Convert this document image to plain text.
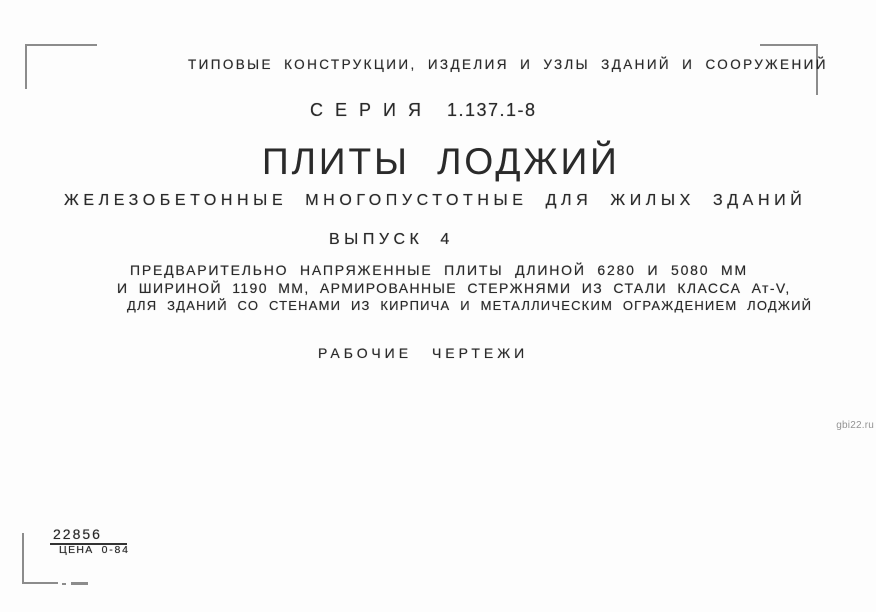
ТИПОВЫЕ КОНСТРУКЦИИ, ИЗДЕЛИЯ И УЗЛЫ ЗДАНИЙ И СООРУЖЕНИЙ
СЕРИЯ 1.137.1-8
ПЛИТЫ ЛОДЖИЙ
ЖЕЛЕЗОБЕТОННЫЕ МНОГОПУСТОТНЫЕ ДЛЯ ЖИЛЫХ ЗДАНИЙ
ВЫПУСК 4
ПРЕДВАРИТЕЛЬНО НАПРЯЖЕННЫЕ ПЛИТЫ ДЛИНОЙ 6280 И 5080 ММ
И ШИРИНОЙ 1190 ММ, АРМИРОВАННЫЕ СТЕРЖНЯМИ ИЗ СТАЛИ КЛАССА Ат-V,
ДЛЯ ЗДАНИЙ СО СТЕНАМИ ИЗ КИРПИЧА И МЕТАЛЛИЧЕСКИМ ОГРАЖДЕНИЕМ ЛОДЖИЙ
РАБОЧИЕ ЧЕРТЕЖИ
22856
ЦЕНА 0-84
gbi22.ru
